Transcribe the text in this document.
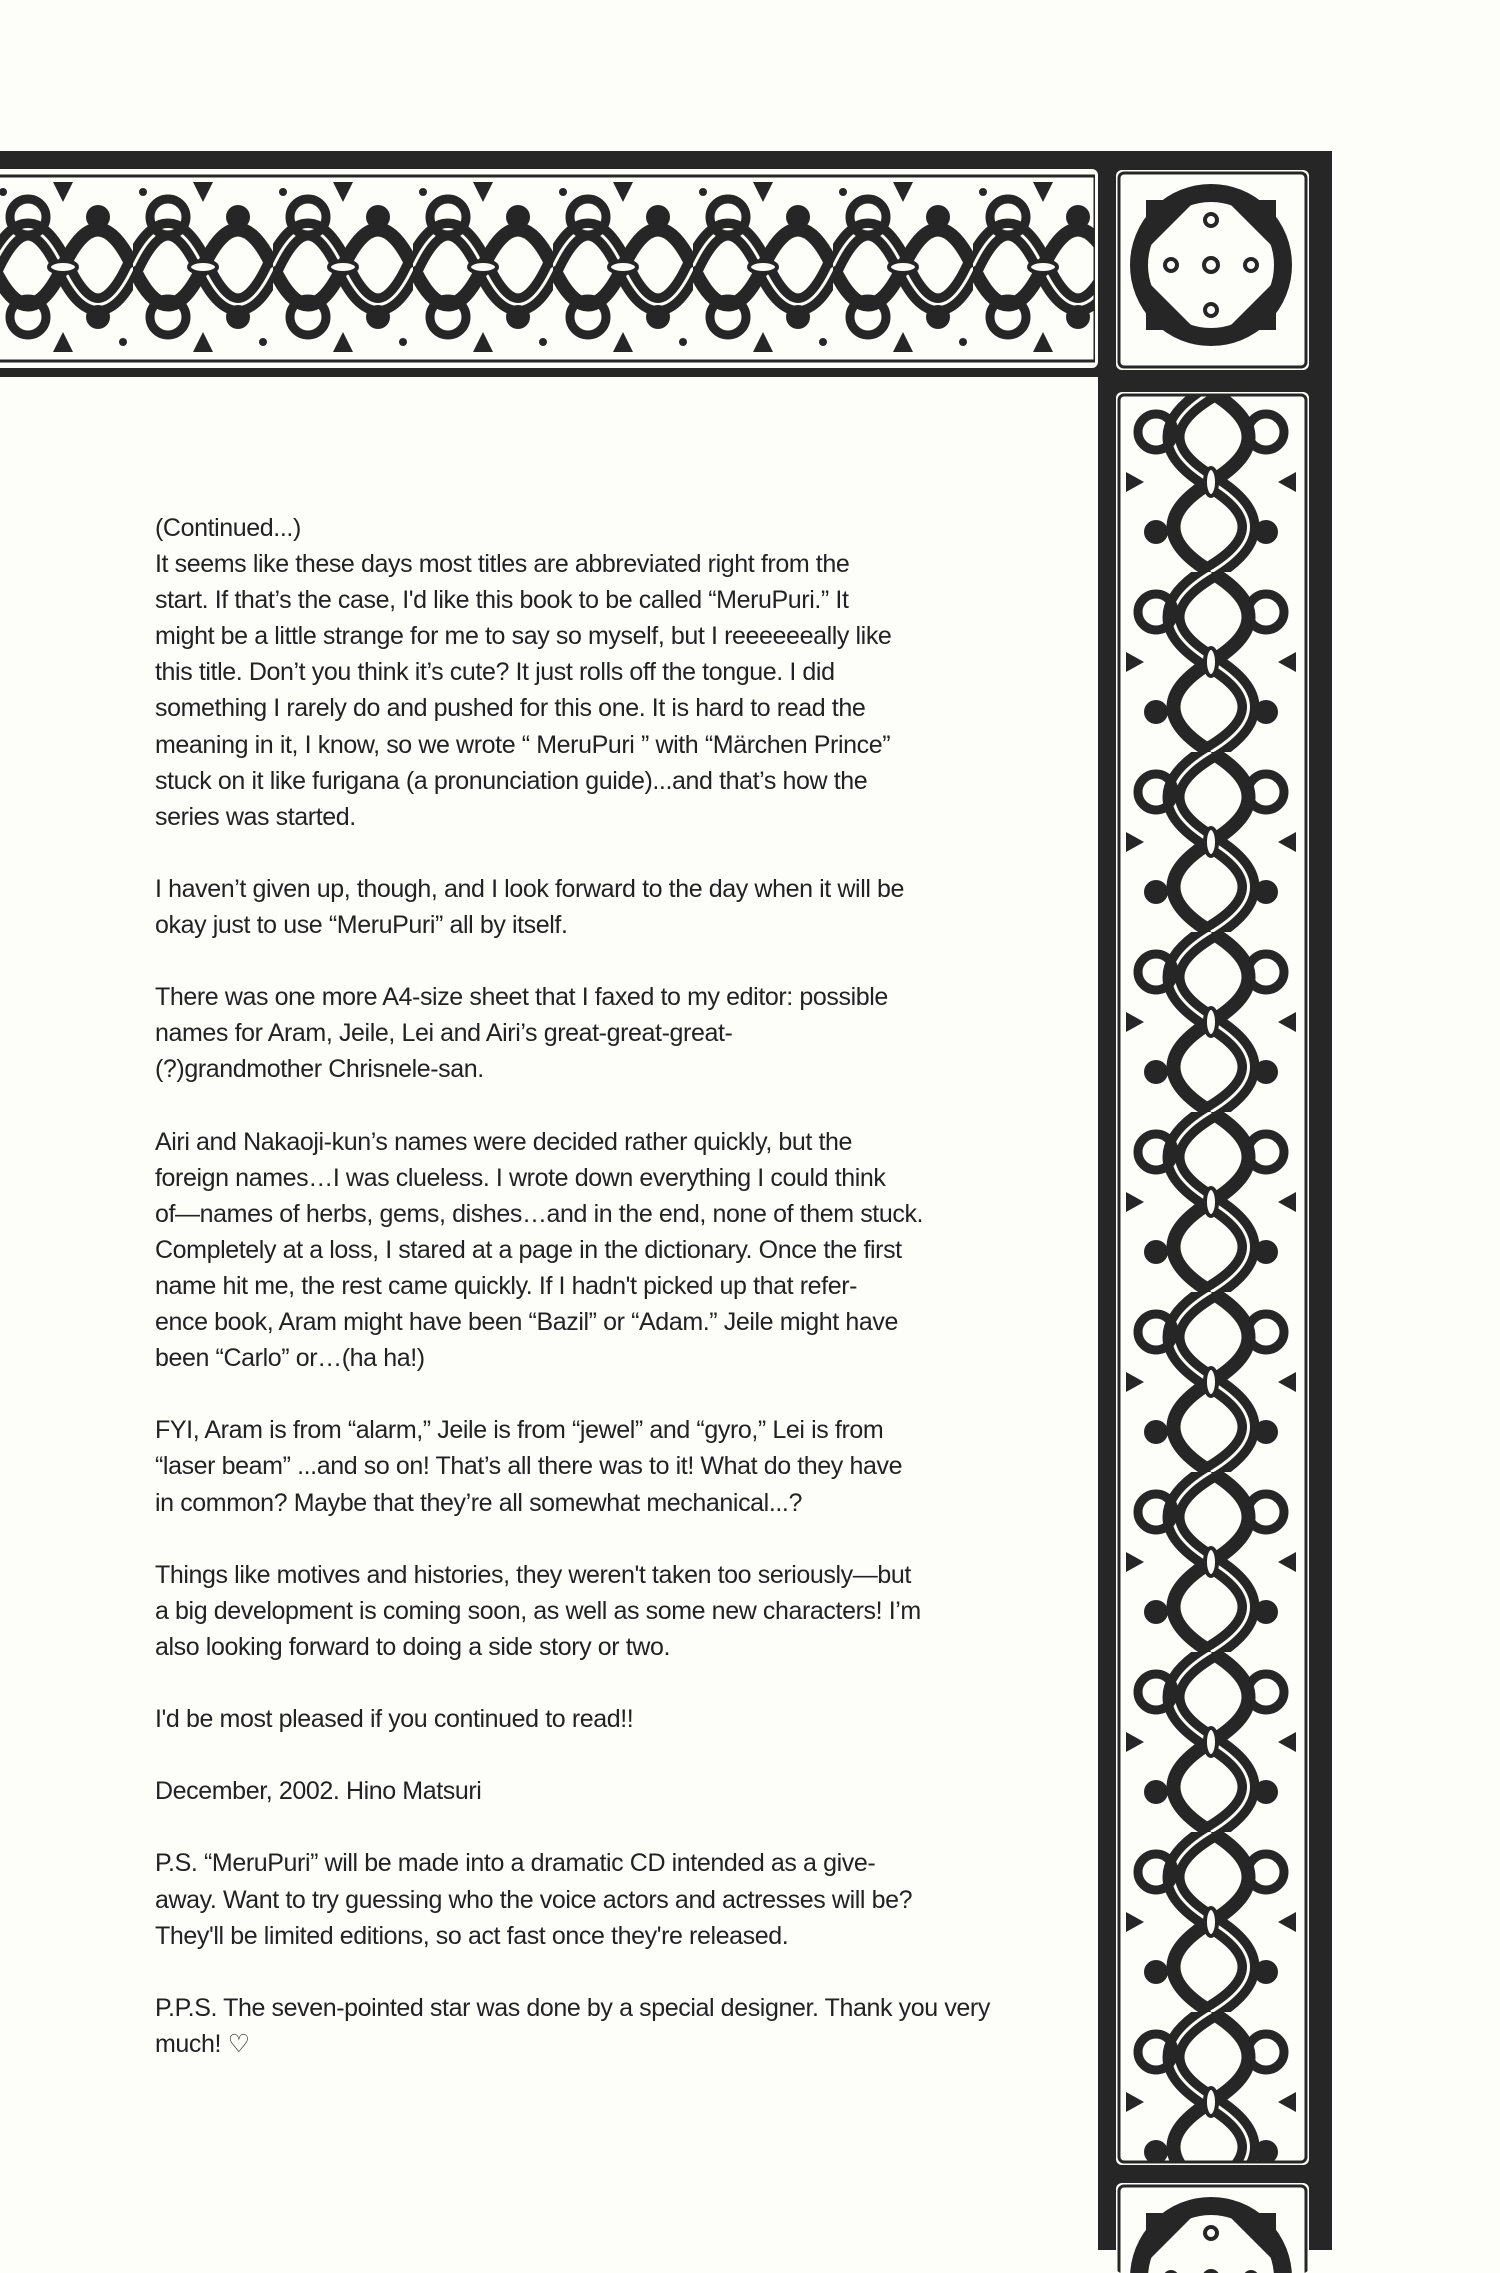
(Continued...)
It seems like these days most titles are abbreviated right from the
start. If that’s the case, I'd like this book to be called “MeruPuri.” It
might be a little strange for me to say so myself, but I reeeeeeally like
this title. Don’t you think it’s cute? It just rolls off the tongue. I did
something I rarely do and pushed for this one. It is hard to read the
meaning in it, I know, so we wrote “ MeruPuri ” with “Märchen Prince”
stuck on it like furigana (a pronunciation guide)...and that’s how the
series was started.
I haven’t given up, though, and I look forward to the day when it will be
okay just to use “MeruPuri” all by itself.
There was one more A4-size sheet that I faxed to my editor: possible
names for Aram, Jeile, Lei and Airi’s great-great-great-
(?)grandmother Chrisnele-san.
Airi and Nakaoji-kun’s names were decided rather quickly, but the
foreign names…I was clueless. I wrote down everything I could think
of—names of herbs, gems, dishes…and in the end, none of them stuck.
Completely at a loss, I stared at a page in the dictionary. Once the first
name hit me, the rest came quickly. If I hadn't picked up that refer-
ence book, Aram might have been “Bazil” or “Adam.” Jeile might have
been “Carlo” or…(ha ha!)
FYI, Aram is from “alarm,” Jeile is from “jewel” and “gyro,” Lei is from
“laser beam” ...and so on! That’s all there was to it! What do they have
in common? Maybe that they’re all somewhat mechanical...?
Things like motives and histories, they weren't taken too seriously—but
a big development is coming soon, as well as some new characters! I’m
also looking forward to doing a side story or two.
I'd be most pleased if you continued to read!!
December, 2002. Hino Matsuri
P.S. “MeruPuri” will be made into a dramatic CD intended as a give-
away. Want to try guessing who the voice actors and actresses will be?
They'll be limited editions, so act fast once they're released.
P.P.S. The seven-pointed star was done by a special designer. Thank you very
much! ♡
